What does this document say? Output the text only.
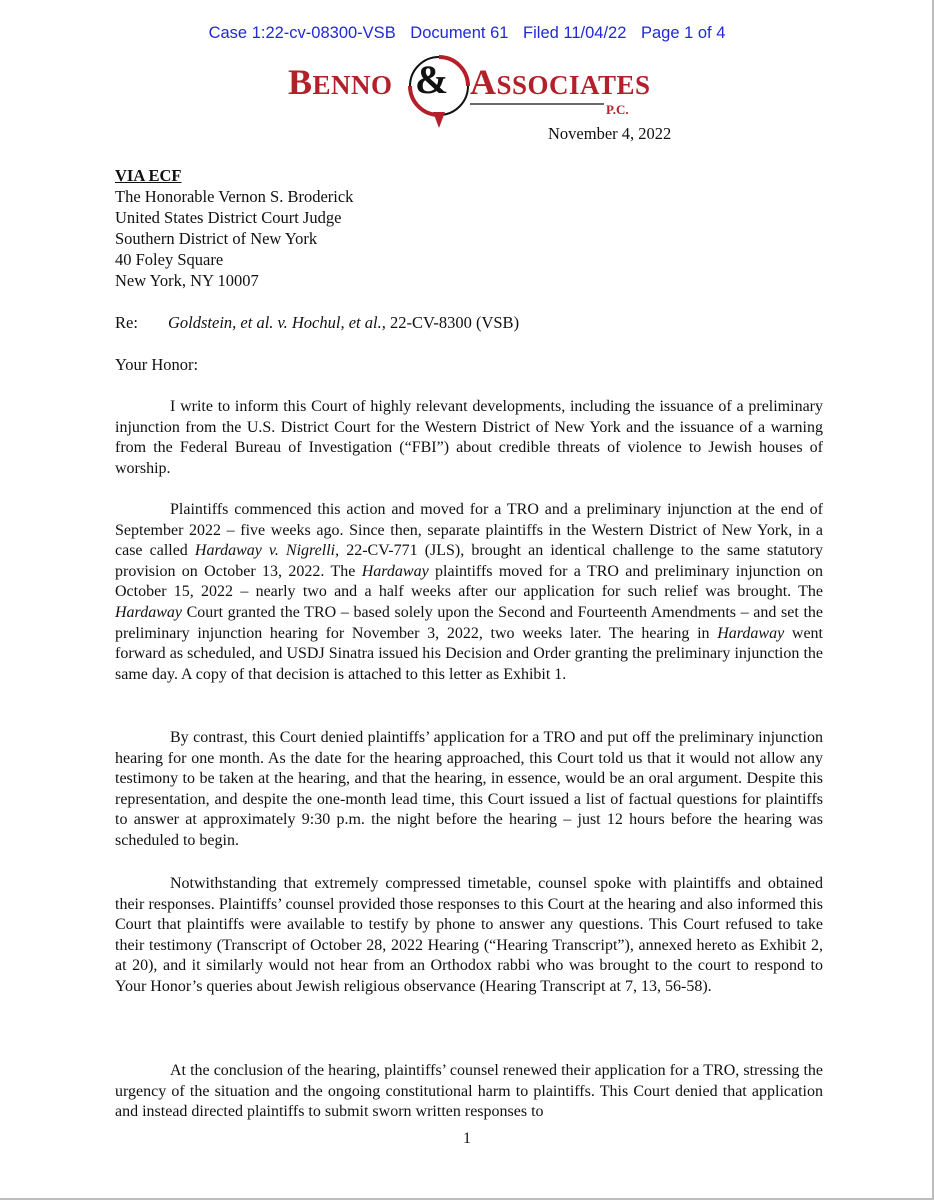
Case 1:22-cv-08300-VSB Document 61 Filed 11/04/22 Page 1 of 4
BENNO & ASSOCIATES
P.C.
November 4, 2022
VIA ECF
The Honorable Vernon S. Broderick
United States District Court Judge
Southern District of New York
40 Foley Square
New York, NY 10007
Re: Goldstein, et al. v. Hochul, et al., 22-CV-8300 (VSB)
Your Honor:
I write to inform this Court of highly relevant developments, including the issuance of a preliminary injunction from the U.S. District Court for the Western District of New York and the issuance of a warning from the Federal Bureau of Investigation (“FBI”) about credible threats of violence to Jewish houses of worship.
Plaintiffs commenced this action and moved for a TRO and a preliminary injunction at the end of September 2022 – five weeks ago. Since then, separate plaintiffs in the Western District of New York, in a case called Hardaway v. Nigrelli, 22-CV-771 (JLS), brought an identical challenge to the same statutory provision on October 13, 2022. The Hardaway plaintiffs moved for a TRO and preliminary injunction on October 15, 2022 – nearly two and a half weeks after our application for such relief was brought. The Hardaway Court granted the TRO – based solely upon the Second and Fourteenth Amendments – and set the preliminary injunction hearing for November 3, 2022, two weeks later. The hearing in Hardaway went forward as scheduled, and USDJ Sinatra issued his Decision and Order granting the preliminary injunction the same day. A copy of that decision is attached to this letter as Exhibit 1.
By contrast, this Court denied plaintiffs’ application for a TRO and put off the preliminary injunction hearing for one month. As the date for the hearing approached, this Court told us that it would not allow any testimony to be taken at the hearing, and that the hearing, in essence, would be an oral argument. Despite this representation, and despite the one-month lead time, this Court issued a list of factual questions for plaintiffs to answer at approximately 9:30 p.m. the night before the hearing – just 12 hours before the hearing was scheduled to begin.
Notwithstanding that extremely compressed timetable, counsel spoke with plaintiffs and obtained their responses. Plaintiffs’ counsel provided those responses to this Court at the hearing and also informed this Court that plaintiffs were available to testify by phone to answer any questions. This Court refused to take their testimony (Transcript of October 28, 2022 Hearing (“Hearing Transcript”), annexed hereto as Exhibit 2, at 20), and it similarly would not hear from an Orthodox rabbi who was brought to the court to respond to Your Honor’s queries about Jewish religious observance (Hearing Transcript at 7, 13, 56-58).
At the conclusion of the hearing, plaintiffs’ counsel renewed their application for a TRO, stressing the urgency of the situation and the ongoing constitutional harm to plaintiffs. This Court denied that application and instead directed plaintiffs to submit sworn written responses to
1
